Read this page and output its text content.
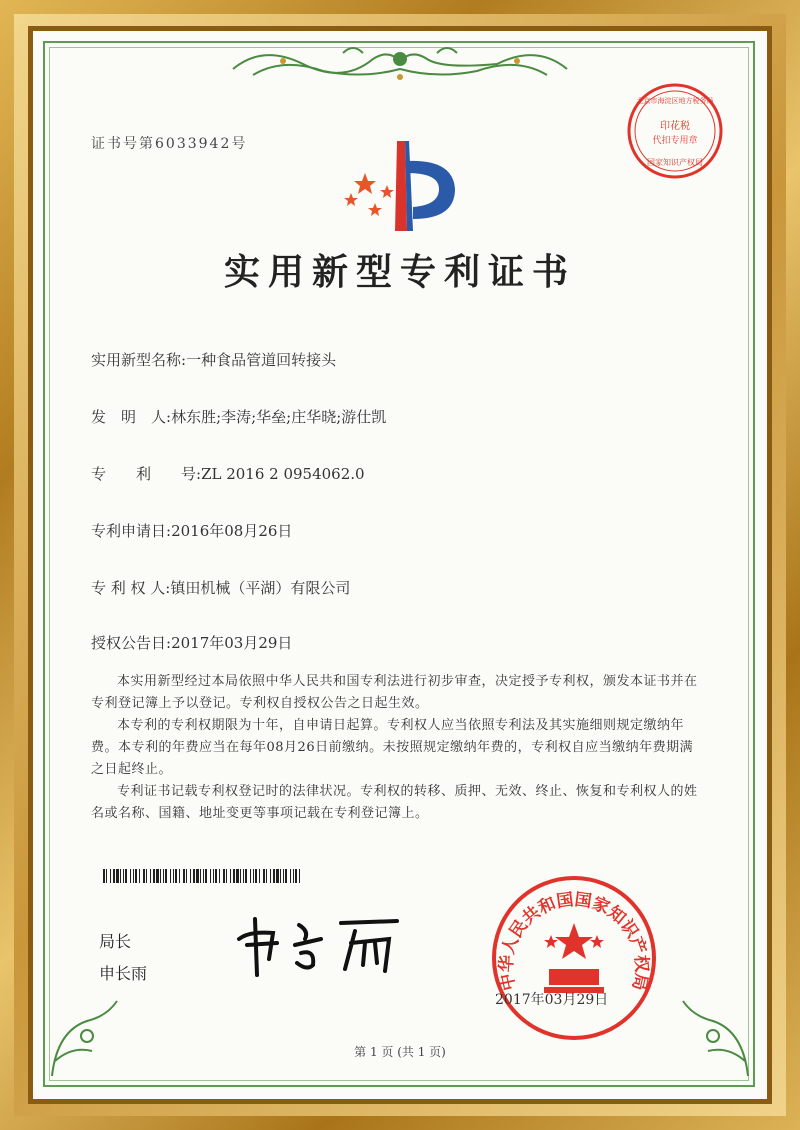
印花税
代扣专用章
北京市海淀区地方税务局
国家知识产权局
证书号第6033942号
实用新型专利证书
实用新型名称:一种食品管道回转接头
发　明　人:林东胜;李涛;华垒;庄华晓;游仕凯
专　　利　　号:ZL 2016 2 0954062.0
专利申请日:2016年08月26日
专 利 权 人:镇田机械（平湖）有限公司
授权公告日:2017年03月29日

本实用新型经过本局依照中华人民共和国专利法进行初步审查，决定授予专利权，颁发本证书并在专利登记簿上予以登记。专利权自授权公告之日起生效。

本专利的专利权期限为十年，自申请日起算。专利权人应当依照专利法及其实施细则规定缴纳年费。本专利的年费应当在每年08月26日前缴纳。未按照规定缴纳年费的，专利权自应当缴纳年费期满之日起终止。

专利证书记载专利权登记时的法律状况。专利权的转移、质押、无效、终止、恢复和专利权人的姓名或名称、国籍、地址变更等事项记载在专利登记簿上。

局长
申长雨	中华人民共和国国家知识产权局
2017年03月29日
第 1 页 (共 1 页)
